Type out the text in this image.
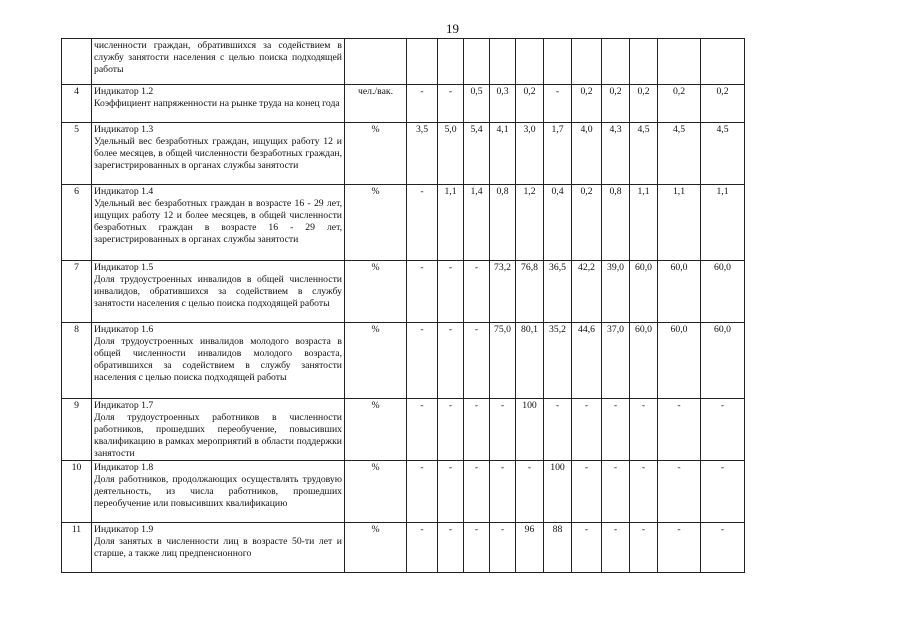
19

	численности граждан, обратившихся за содействием в службу занятости населения с целью поиска подходящей работы												

4	Индикатор 1.2
Коэффициент напряженности на рынке труда на конец года	чел./вак.	-	-	0,5	0,3	0,2	-	0,2	0,2	0,2	0,2	0,2
5	Индикатор 1.3
Удельный вес безработных граждан, ищущих работу 12 и более месяцев, в общей численности безработных граждан, зарегистрированных в органах службы занятости	%	3,5	5,0	5,4	4,1	3,0	1,7	4,0	4,3	4,5	4,5	4,5
6	Индикатор 1.4
Удельный вес безработных граждан в возрасте 16 - 29 лет, ищущих работу 12 и более месяцев, в общей численности безработных граждан в возрасте 16 - 29 лет, зарегистрированных в органах службы занятости	%	-	1,1	1,4	0,8	1,2	0,4	0,2	0,8	1,1	1,1	1,1
7	Индикатор 1.5
Доля трудоустроенных инвалидов в общей численности инвалидов, обратившихся за содействием в службу занятости населения с целью поиска подходящей работы	%	-	-	-	73,2	76,8	36,5	42,2	39,0	60,0	60,0	60,0
8	Индикатор 1.6
Доля трудоустроенных инвалидов молодого возраста в общей численности инвалидов молодого возраста, обратившихся за содействием в службу занятости населения с целью поиска подходящей работы	%	-	-	-	75,0	80,1	35,2	44,6	37,0	60,0	60,0	60,0
9	Индикатор 1.7
Доля трудоустроенных работников в численности работников, прошедших переобучение, повысивших квалификацию в рамках мероприятий в области поддержки занятости	%	-	-	-	-	100	-	-	-	-	-	-
10	Индикатор 1.8
Доля работников, продолжающих осуществлять трудовую деятельность, из числа работников, прошедших переобучение или повысивших квалификацию	%	-	-	-	-	-	100	-	-	-	-	-
11	Индикатор 1.9
Доля занятых в численности лиц в возрасте 50-ти лет и старше, а также лиц предпенсионного	%	-	-	-	-	96	88	-	-	-	-	-
